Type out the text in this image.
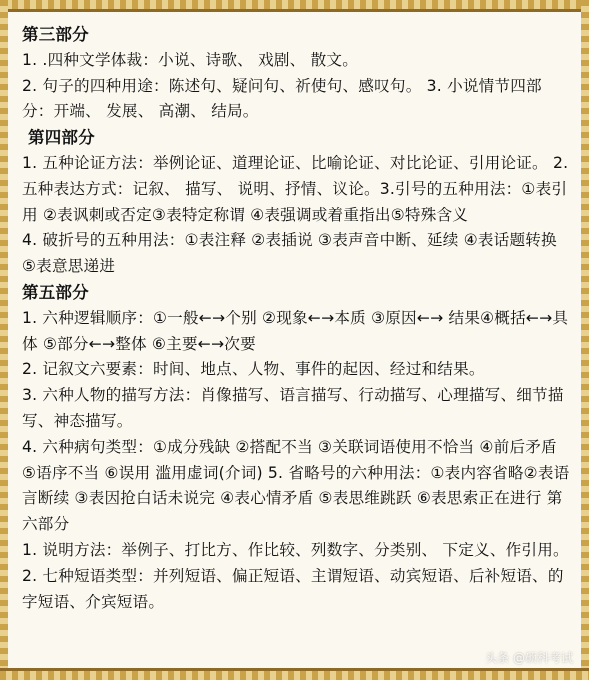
第三部分

1. .四种文学体裁：小说、诗歌、 戏剧、 散文。

2. 句子的四种用途：陈述句、疑问句、祈使句、感叹句。 3. 小说情节四部分：开端、 发展、 高潮、 结局。

第四部分

1. 五种论证方法：举例论证、道理论证、比喻论证、对比论证、引用论证。 2. 五种表达方式：记叙、 描写、 说明、抒情、议论。3.引号的五种用法：①表引用 ②表讽刺或否定③表特定称谓 ④表强调或着重指出⑤特殊含义

4. 破折号的五种用法：①表注释 ②表插说 ③表声音中断、延续 ④表话题转换 ⑤表意思递进

第五部分

1. 六种逻辑顺序：①一般←→个别 ②现象←→本质 ③原因←→ 结果④概括←→具体 ⑤部分←→整体 ⑥主要←→次要

2. 记叙文六要素：时间、地点、人物、事件的起因、经过和结果。

3. 六种人物的描写方法：肖像描写、语言描写、行动描写、心理描写、细节描写、神态描写。

4. 六种病句类型：①成分残缺 ②搭配不当 ③关联词语使用不恰当 ④前后矛盾 ⑤语序不当 ⑥误用 滥用虚词(介词) 5. 省略号的六种用法：①表内容省略②表语言断续 ③表因抢白话未说完 ④表心情矛盾 ⑤表思维跳跃 ⑥表思索正在进行 第六部分

1. 说明方法：举例子、打比方、作比较、列数字、分类别、 下定义、作引用。

2. 七种短语类型：并列短语、偏正短语、主谓短语、动宾短语、后补短语、的字短语、介宾短语。

头条 @硕科考试
